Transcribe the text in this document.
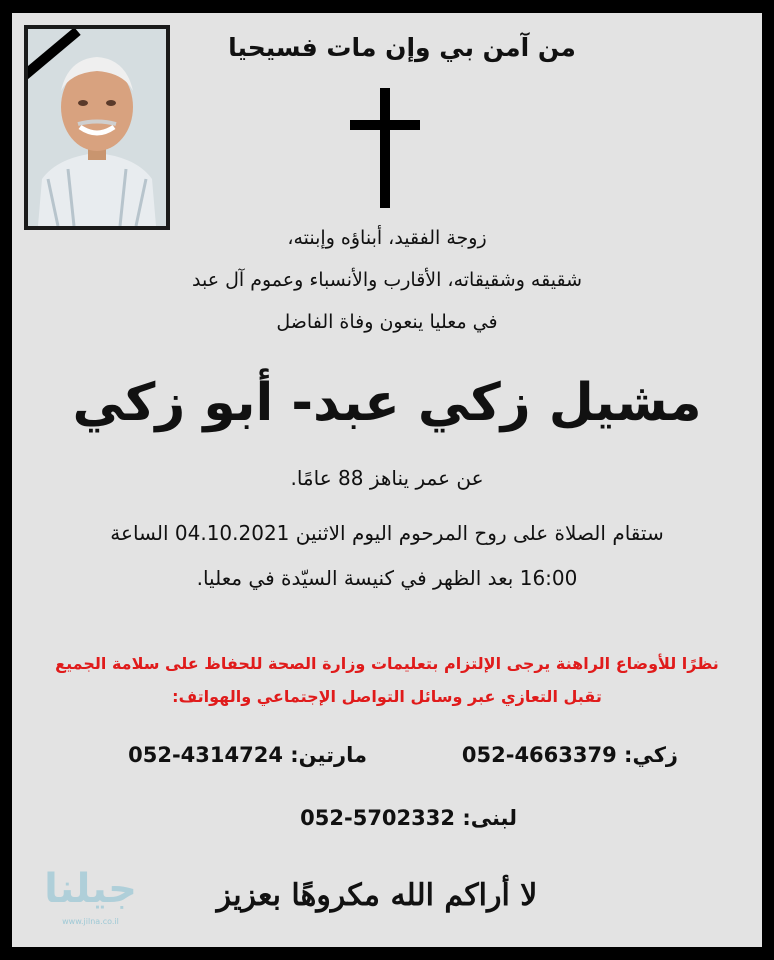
من آمن بي وإن مات فسيحيا
زوجة الفقيد، أبناؤه وإبنته،
شقيقه وشقيقاته، الأقارب والأنسباء وعموم آل عبد
في معليا ينعون وفاة الفاضل
مشيل زكي عبد- أبو زكي
عن عمر يناهز 88 عامًا.
ستقام الصلاة على روح المرحوم اليوم الاثنين 04.10.2021 الساعة
16:00 بعد الظهر في كنيسة السيّدة في معليا.
نظرًا للأوضاع الراهنة يرجى الإلتزام بتعليمات وزارة الصحة للحفاظ على سلامة الجميع
تقبل التعازي عبر وسائل التواصل الإجتماعي والهواتف:
زكي: 052-4663379
مارتين: 052-4314724
لبنى: 052-5702332
لا أراكم الله مكروهًا بعزيز
جيلنا
www.jilna.co.il
